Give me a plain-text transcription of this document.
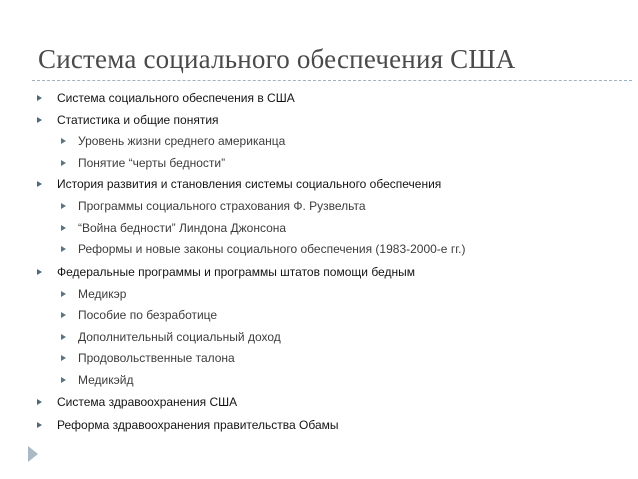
Система социального обеспечения США
Система социального обеспечения в США
Статистика и общие понятия
Уровень жизни среднего американца
Понятие “черты бедности”
История развития и становления системы социального обеспечения
Программы социального страхования Ф. Рузвельта
“Война бедности” Линдона Джонсона
Реформы и новые законы социального обеспечения (1983-2000-е гг.)
Федеральные программы и программы штатов помощи бедным
Медикэр
Пособие по безработице
Дополнительный социальный доход
Продовольственные талона
Медикэйд
Система здравоохранения США
Реформа здравоохранения правительства Обамы
